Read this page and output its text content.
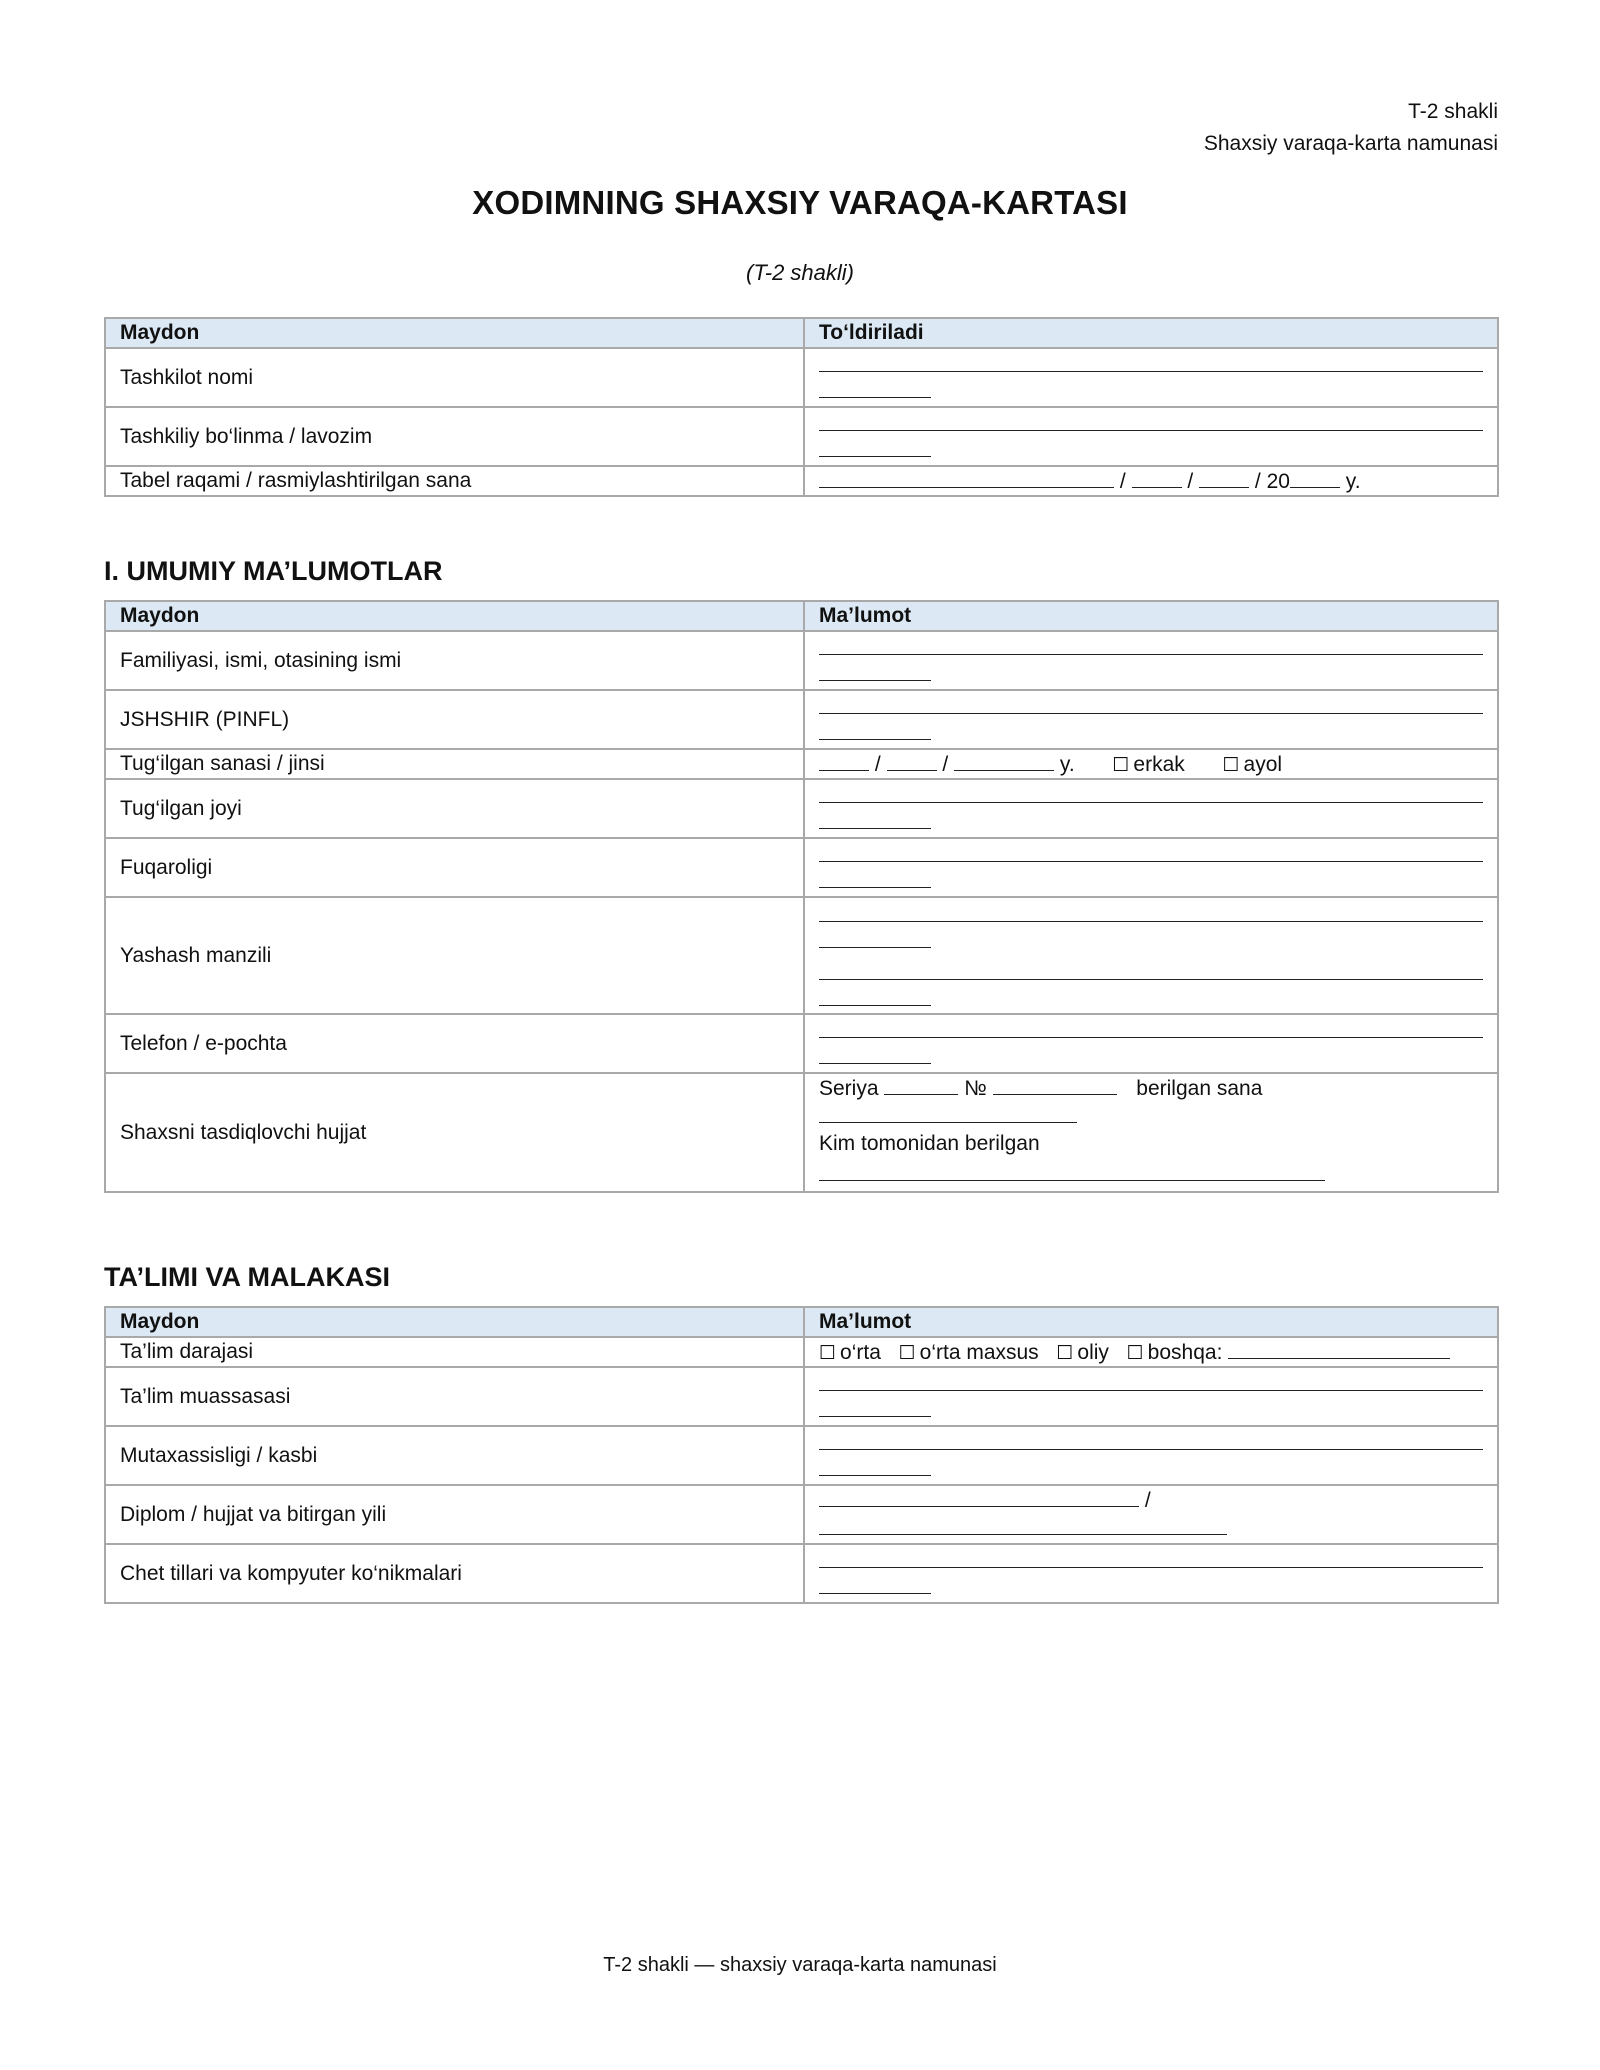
T-2 shakli
Shaxsiy varaqa-karta namunasi
XODIMNING SHAXSIY VARAQA-KARTASI
(T-2 shakli)
Maydon	To‘ldiriladi
Tashkilot nomi	

Tashkiliy bo‘linma / lavozim	

Tabel raqami / rasmiylashtirilgan sana	/ / / 20 y.
I. UMUMIY MA’LUMOTLAR
Maydon	Ma’lumot
Familiyasi, ismi, otasining ismi	

JSHSHIR (PINFL)	

Tug‘ilgan sanasi / jinsi	/ / y. ☐ erkak ☐ ayol
Tug‘ilgan joyi	

Fuqaroligi	

Yashash manzili	

Telefon / e-pochta	

Shaxsni tasdiqlovchi hujjat	Seriya № berilgan sana
Kim tomonidan berilgan
TA’LIMI VA MALAKASI
Maydon	Ma’lumot
Ta’lim darajasi	☐ o‘rta ☐ o‘rta maxsus ☐ oliy ☐ boshqa:
Ta’lim muassasasi	

Mutaxassisligi / kasbi	

Diplom / hujjat va bitirgan yili	/

Chet tillari va kompyuter ko‘nikmalari	
T-2 shakli — shaxsiy varaqa-karta namunasi
